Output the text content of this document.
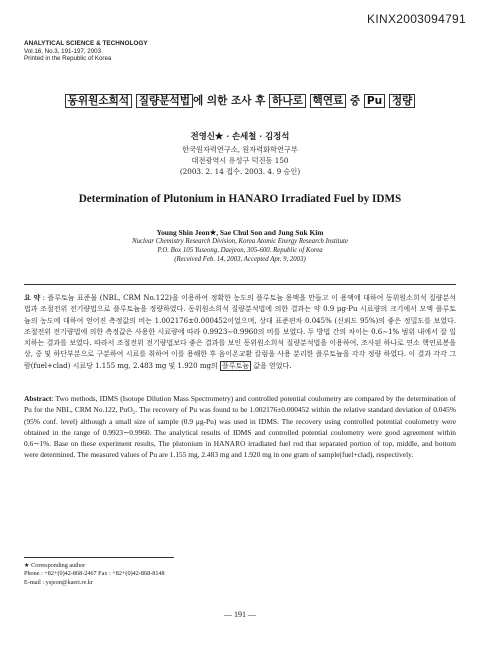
KINX2003094791
ANALYTICAL SCIENCE & TECHNOLOGY
Vol.16, No.3, 191-197, 2003
Printed in the Republic of Korea
동위원소희석 질량분석법 에 의한 조사 후 하나로 핵연료 중 Pu 정량
전영신★ · 손세철 · 김정석
한국원자력연구소, 원자력화학연구부
대전광역시 유성구 덕진동 150
(2003. 2. 14 접수. 2003. 4. 9 승인)
Determination of Plutonium in HANARO Irradiated Fuel by IDMS
Young Shin Jeon★, Sae Chul Son and Jung Suk Kim
Nuclear Chemistry Research Division, Korea Atomic Energy Research Institute
P.O. Box 105 Yuseong, Daejeon, 305-600. Republic of Korea
(Received Feb. 14, 2003, Accepted Apr. 9, 2003)
요 약 : 플루토늄 표준물 (NBL, CRM No.122)을 이용하여 정확한 농도의 플루토늄 용액을 만들고 이 용액에 대하여 동위원소희석 질량분석법과 조절전위 전기량법으로 플루토늄을 정량하였다. 동위원소희석 질량분석법에 의한 결과는 약 0.9 μg-Pu 시료량의 크기에서 모액 플루토늄의 농도에 대하여 얻어진 측정값의 비는 1.002176±0.000452이었으며, 상대 표준편차 0.045% (신뢰도 95%)의 좋은 정밀도를 보였다. 조절전위 전기량법에 의한 측정값은 사용한 시료량에 따라 0.9923∼0.9960의 비를 보였다. 두 방법 간의 차이는 0.6∼1% 범위 내에서 잘 일치하는 결과를 보였다. 따라서 조절전위 전기량법보다 좋은 결과를 보인 동위원소희석 질량분석법을 이용하여, 조사된 하나로 연소 핵연료봉을 상, 중 및 하단부분으로 구분하여 시료를 취하여 이를 용해한 후 음이온교환 칼럼을 사용 분리한 플루토늄을 각각 정량 하였다. 이 결과 각각 그람(fuel+clad) 시료당 1.155 mg, 2.483 mg 및 1.920 mg의 플루토늄 값을 얻었다.
Abstract: Two methods, IDMS (Isotope Dilution Mass Spectrometry) and controlled potential coulometry are compared by the determination of Pu for the NBL, CRM No.122, PuO₂. The recovery of Pu was found to be 1.002176±0.000452 within the relative standard deviation of 0.045% (95% conf. level) although a small size of sample (0.9 μg-Pu) was used in IDMS. The recovery using controlled potential coulometry were obtained in the range of 0.9923∼0.9960. The analytical results of IDMS and controlled potential coulometry were good agreement within 0.6∼1%. Base on these experiment results, The plutonium in HANARO irradiated fuel rod that separated portion of top, middle, and bottom were determined. The measured values of Pu are 1.155 mg, 2.483 mg and 1.920 mg in one gram of sample(fuel+clad), respectively.
★ Corresponding author
Phone : +82+(0)42-868-2467 Fax : +82+(0)42-868-8148
E-mail : ysjeon@kaeri.re.kr
— 191 —
